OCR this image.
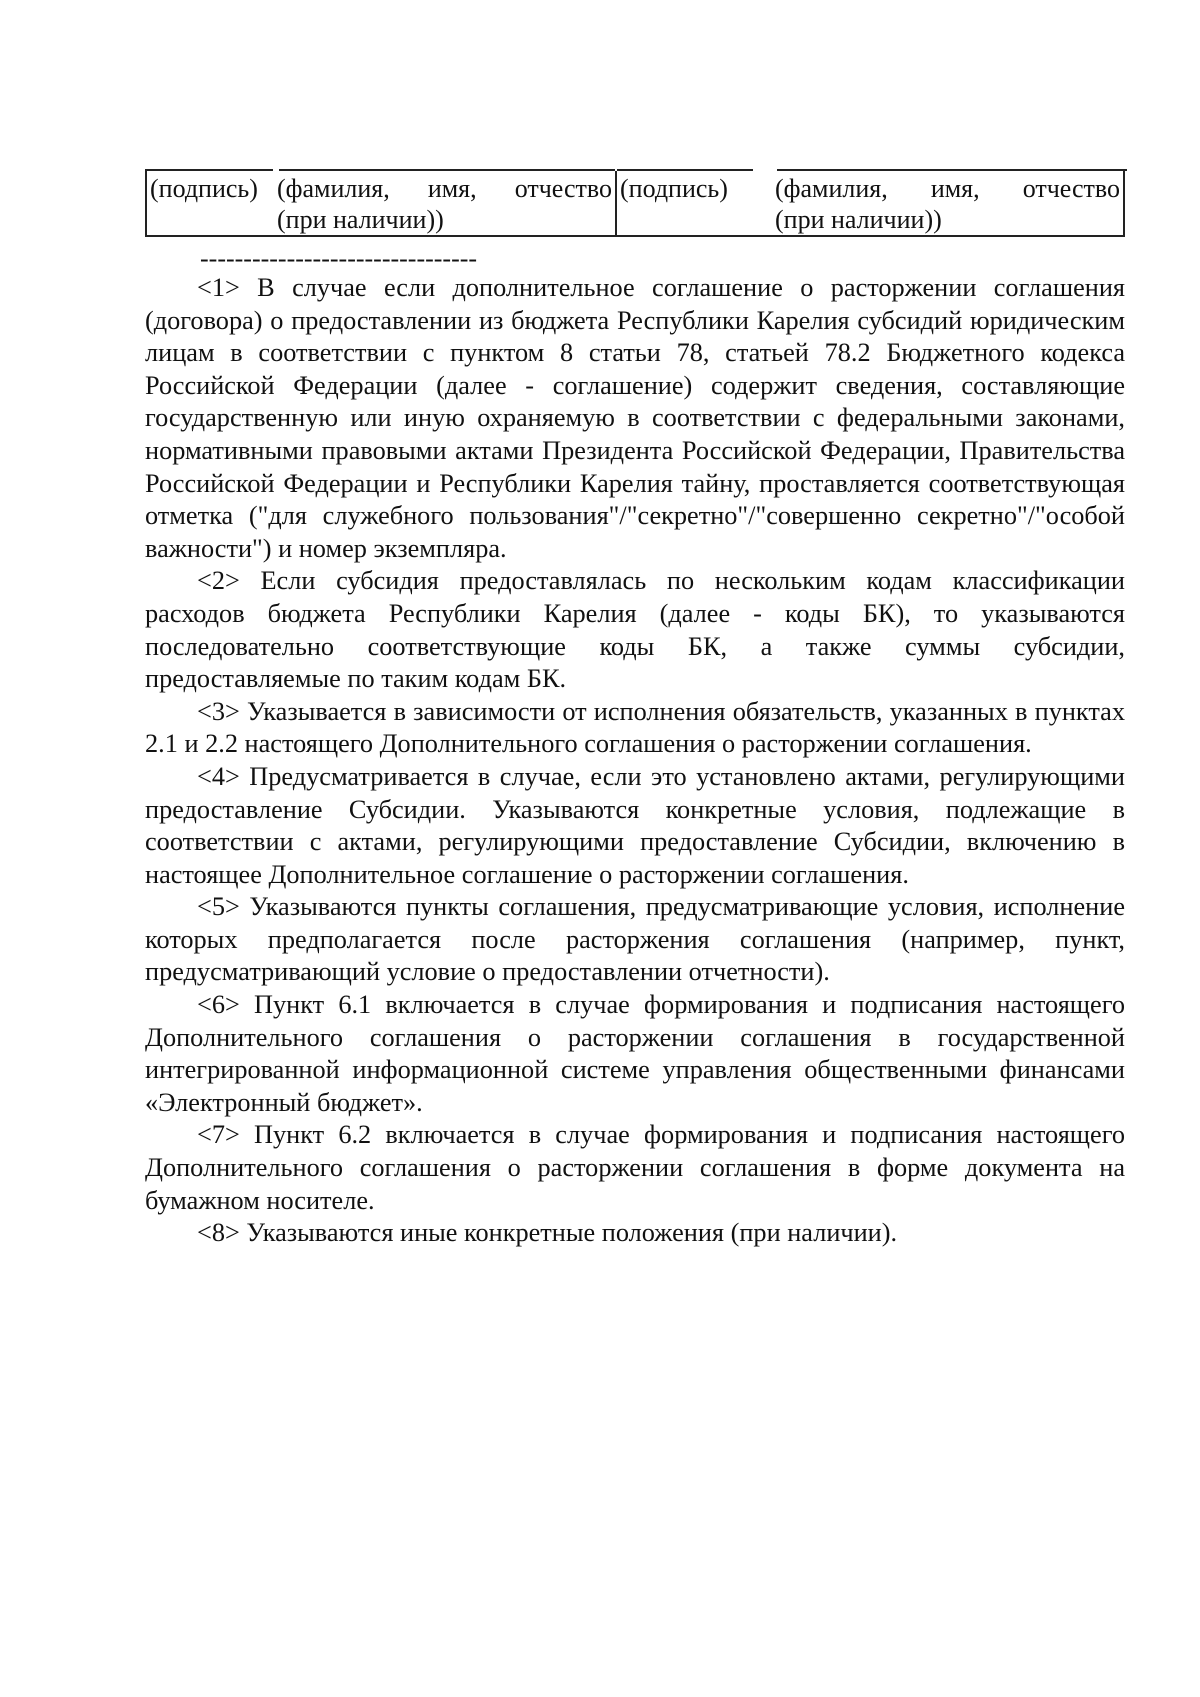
(подпись) (фамилия, имя, отчество
(при наличии))
(подпись)	(фамилия, имя, отчество
(при наличии))
--------------------------------

<1> В случае если дополнительное соглашение о расторжении соглашения (договора) о предоставлении из бюджета Республики Карелия субсидий юридическим лицам в соответствии с пунктом 8 статьи 78, статьей 78.2 Бюджетного кодекса Российской Федерации (далее - соглашение) содержит сведения, составляющие государственную или иную охраняемую в соответствии с федеральными законами, нормативными правовыми актами Президента Российской Федерации, Правительства Российской Федерации и Республики Карелия тайну, проставляется соответствующая отметка ("для служебного пользования"/"секретно"/"совершенно секретно"/"особой важности") и номер экземпляра.

<2> Если субсидия предоставлялась по нескольким кодам классификации расходов бюджета Республики Карелия (далее - коды БК), то указываются последовательно соответствующие коды БК, а также суммы субсидии, предоставляемые по таким кодам БК.

<3> Указывается в зависимости от исполнения обязательств, указанных в пунктах 2.1 и 2.2 настоящего Дополнительного соглашения о расторжении соглашения.

<4> Предусматривается в случае, если это установлено актами, регулирующими предоставление Субсидии. Указываются конкретные условия, подлежащие в соответствии с актами, регулирующими предоставление Субсидии, включению в настоящее Дополнительное соглашение о расторжении соглашения.

<5> Указываются пункты соглашения, предусматривающие условия, исполнение которых предполагается после расторжения соглашения (например, пункт, предусматривающий условие о предоставлении отчетности).

<6> Пункт 6.1 включается в случае формирования и подписания настоящего Дополнительного соглашения о расторжении соглашения в государственной интегрированной информационной системе управления общественными финансами «Электронный бюджет».

<7> Пункт 6.2 включается в случае формирования и подписания настоящего Дополнительного соглашения о расторжении соглашения в форме документа на бумажном носителе.

<8> Указываются иные конкретные положения (при наличии).
